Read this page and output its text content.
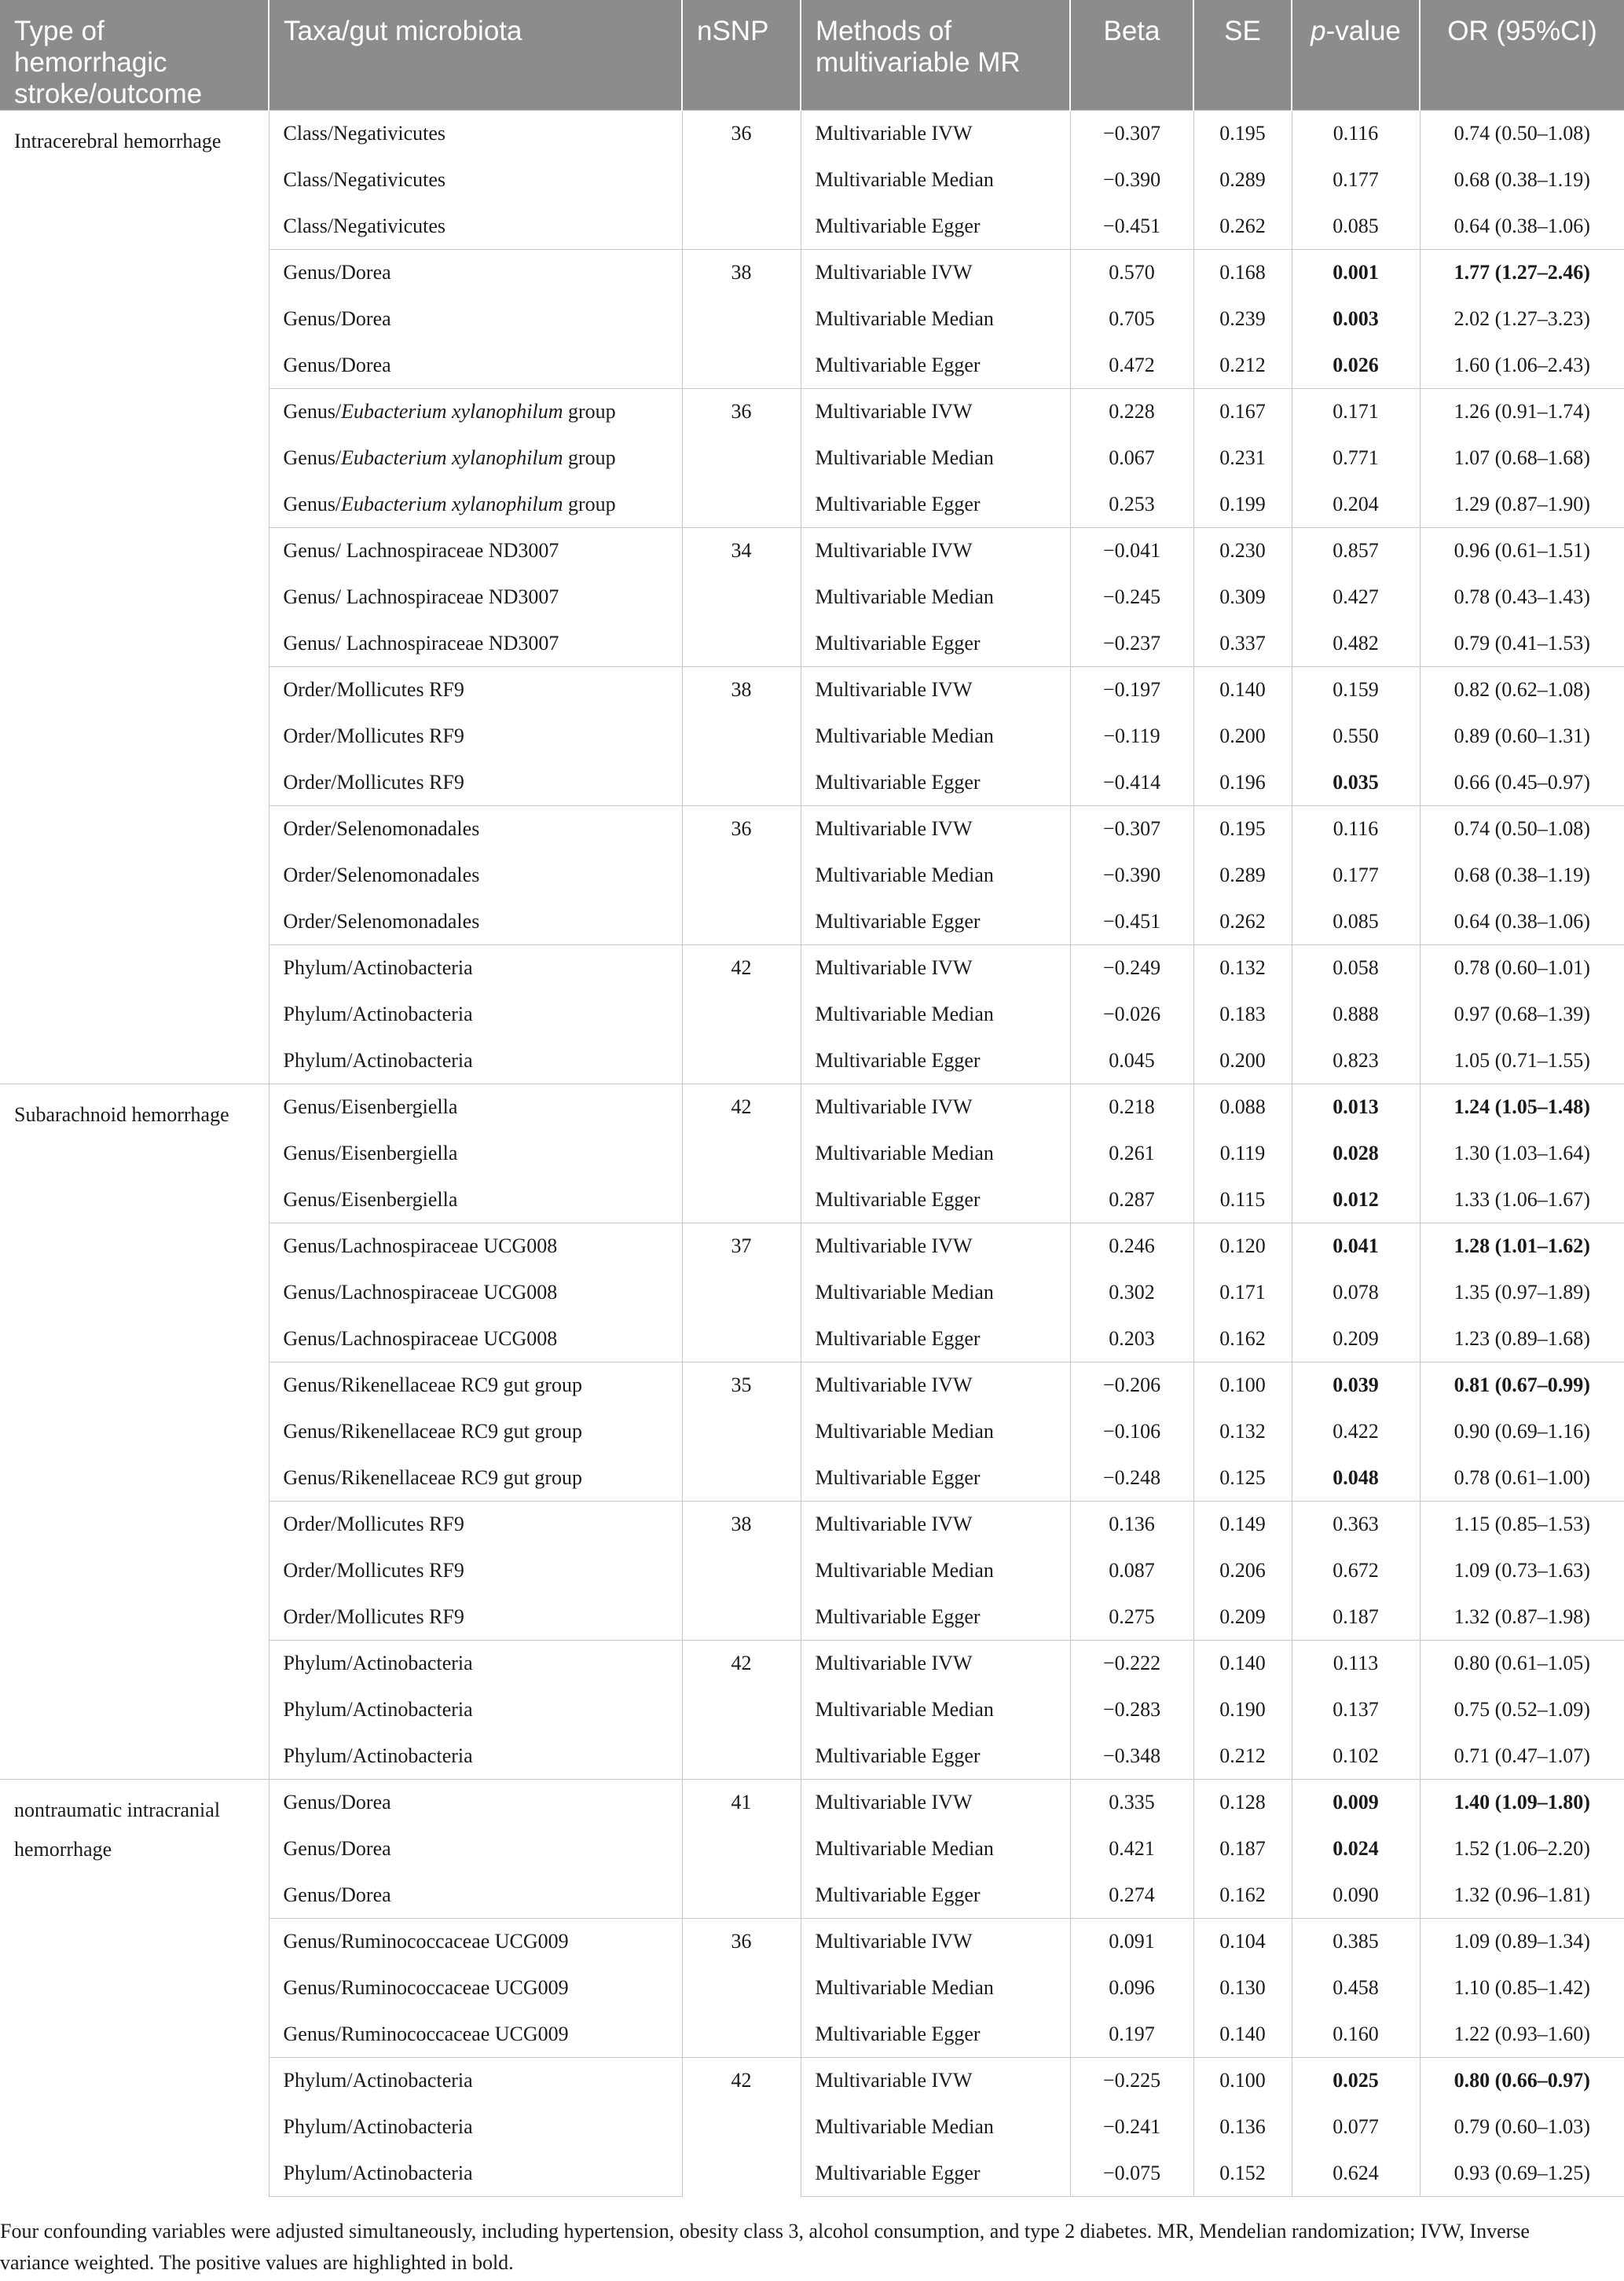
Type of hemorrhagic stroke/outcome	Taxa/gut microbiota	nSNP	Methods of multivariable MR	Beta	SE	p-value	OR (95%CI)
Intracerebral hemorrhage	Class/Negativicutes	36	Multivariable IVW	−0.307	0.195	0.116	0.74 (0.50–1.08)
	Class/Negativicutes		Multivariable Median	−0.390	0.289	0.177	0.68 (0.38–1.19)
	Class/Negativicutes		Multivariable Egger	−0.451	0.262	0.085	0.64 (0.38–1.06)
	Genus/Dorea	38	Multivariable IVW	0.570	0.168	0.001	1.77 (1.27–2.46)
	Genus/Dorea		Multivariable Median	0.705	0.239	0.003	2.02 (1.27–3.23)
	Genus/Dorea		Multivariable Egger	0.472	0.212	0.026	1.60 (1.06–2.43)
	Genus/Eubacterium xylanophilum group	36	Multivariable IVW	0.228	0.167	0.171	1.26 (0.91–1.74)
	Genus/Eubacterium xylanophilum group		Multivariable Median	0.067	0.231	0.771	1.07 (0.68–1.68)
	Genus/Eubacterium xylanophilum group		Multivariable Egger	0.253	0.199	0.204	1.29 (0.87–1.90)
	Genus/ Lachnospiraceae ND3007	34	Multivariable IVW	−0.041	0.230	0.857	0.96 (0.61–1.51)
	Genus/ Lachnospiraceae ND3007		Multivariable Median	−0.245	0.309	0.427	0.78 (0.43–1.43)
	Genus/ Lachnospiraceae ND3007		Multivariable Egger	−0.237	0.337	0.482	0.79 (0.41–1.53)
	Order/Mollicutes RF9	38	Multivariable IVW	−0.197	0.140	0.159	0.82 (0.62–1.08)
	Order/Mollicutes RF9		Multivariable Median	−0.119	0.200	0.550	0.89 (0.60–1.31)
	Order/Mollicutes RF9		Multivariable Egger	−0.414	0.196	0.035	0.66 (0.45–0.97)
	Order/Selenomonadales	36	Multivariable IVW	−0.307	0.195	0.116	0.74 (0.50–1.08)
	Order/Selenomonadales		Multivariable Median	−0.390	0.289	0.177	0.68 (0.38–1.19)
	Order/Selenomonadales		Multivariable Egger	−0.451	0.262	0.085	0.64 (0.38–1.06)
	Phylum/Actinobacteria	42	Multivariable IVW	−0.249	0.132	0.058	0.78 (0.60–1.01)
	Phylum/Actinobacteria		Multivariable Median	−0.026	0.183	0.888	0.97 (0.68–1.39)
	Phylum/Actinobacteria		Multivariable Egger	0.045	0.200	0.823	1.05 (0.71–1.55)
Subarachnoid hemorrhage	Genus/Eisenbergiella	42	Multivariable IVW	0.218	0.088	0.013	1.24 (1.05–1.48)
	Genus/Eisenbergiella		Multivariable Median	0.261	0.119	0.028	1.30 (1.03–1.64)
	Genus/Eisenbergiella		Multivariable Egger	0.287	0.115	0.012	1.33 (1.06–1.67)
	Genus/Lachnospiraceae UCG008	37	Multivariable IVW	0.246	0.120	0.041	1.28 (1.01–1.62)
	Genus/Lachnospiraceae UCG008		Multivariable Median	0.302	0.171	0.078	1.35 (0.97–1.89)
	Genus/Lachnospiraceae UCG008		Multivariable Egger	0.203	0.162	0.209	1.23 (0.89–1.68)
	Genus/Rikenellaceae RC9 gut group	35	Multivariable IVW	−0.206	0.100	0.039	0.81 (0.67–0.99)
	Genus/Rikenellaceae RC9 gut group		Multivariable Median	−0.106	0.132	0.422	0.90 (0.69–1.16)
	Genus/Rikenellaceae RC9 gut group		Multivariable Egger	−0.248	0.125	0.048	0.78 (0.61–1.00)
	Order/Mollicutes RF9	38	Multivariable IVW	0.136	0.149	0.363	1.15 (0.85–1.53)
	Order/Mollicutes RF9		Multivariable Median	0.087	0.206	0.672	1.09 (0.73–1.63)
	Order/Mollicutes RF9		Multivariable Egger	0.275	0.209	0.187	1.32 (0.87–1.98)
	Phylum/Actinobacteria	42	Multivariable IVW	−0.222	0.140	0.113	0.80 (0.61–1.05)
	Phylum/Actinobacteria		Multivariable Median	−0.283	0.190	0.137	0.75 (0.52–1.09)
	Phylum/Actinobacteria		Multivariable Egger	−0.348	0.212	0.102	0.71 (0.47–1.07)
nontraumatic intracranial hemorrhage	Genus/Dorea	41	Multivariable IVW	0.335	0.128	0.009	1.40 (1.09–1.80)
	Genus/Dorea		Multivariable Median	0.421	0.187	0.024	1.52 (1.06–2.20)
	Genus/Dorea		Multivariable Egger	0.274	0.162	0.090	1.32 (0.96–1.81)
	Genus/Ruminococcaceae UCG009	36	Multivariable IVW	0.091	0.104	0.385	1.09 (0.89–1.34)
	Genus/Ruminococcaceae UCG009		Multivariable Median	0.096	0.130	0.458	1.10 (0.85–1.42)
	Genus/Ruminococcaceae UCG009		Multivariable Egger	0.197	0.140	0.160	1.22 (0.93–1.60)
	Phylum/Actinobacteria	42	Multivariable IVW	−0.225	0.100	0.025	0.80 (0.66–0.97)
	Phylum/Actinobacteria		Multivariable Median	−0.241	0.136	0.077	0.79 (0.60–1.03)
	Phylum/Actinobacteria		Multivariable Egger	−0.075	0.152	0.624	0.93 (0.69–1.25)

Four confounding variables were adjusted simultaneously, including hypertension, obesity class 3, alcohol consumption, and type 2 diabetes. MR, Mendelian randomization; IVW, Inverse

variance weighted. The positive values are highlighted in bold.
